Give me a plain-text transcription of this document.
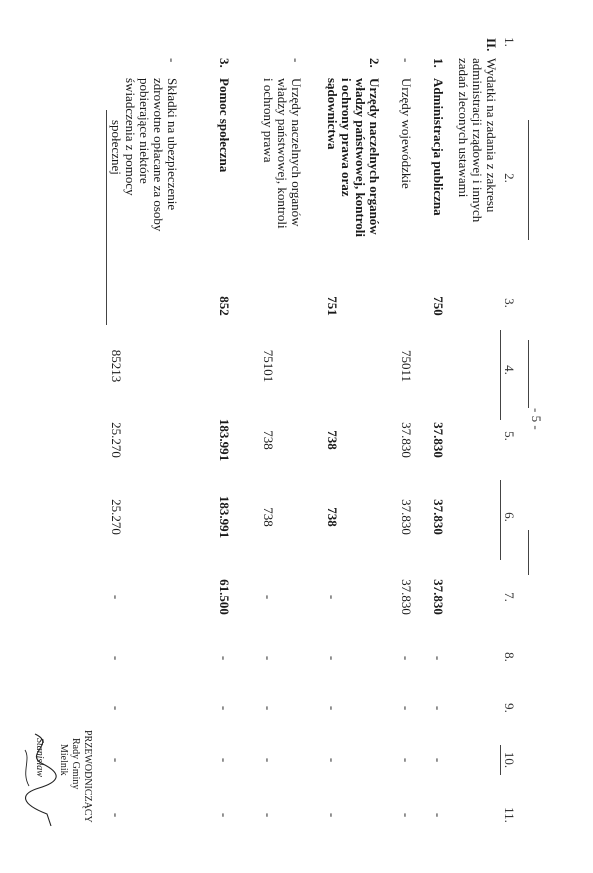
- 5 -
1.
2.
3.
4.
5.
6.
7.
8.
9.
10.
11.
II.
Wydatki na zadania z zakresu
administracji rządowej i innych
zadań zleconych ustawami
1.
Administracja publiczna
750
37.830
37.830
37.830
-
-
-
-
-
Urzędy wojewódzkie
75011
37.830
37.830
37.830
-
-
-
-
2.
Urzędy naczelnych organów
władzy państwowej, kontroli
i ochrony prawa oraz
sądownictwa
751
738
738
-
-
-
-
-
-
Urzędy naczelnych organów
władzy państwowej, kontroli
i ochrony prawa
75101
738
738
-
-
-
-
-
3.
Pomoc społeczna
852
183.991
183.991
61.500
-
-
-
-
-
Składki na ubezpieczenie
zdrowotne opłacane za osoby
pobierające niektóre
świadczenia z pomocy
społecznej
85213
25.270
25.270
-
-
-
-
-
PRZEWODNICZĄCY
Rady Gminy
Mielnik
Stanisław
